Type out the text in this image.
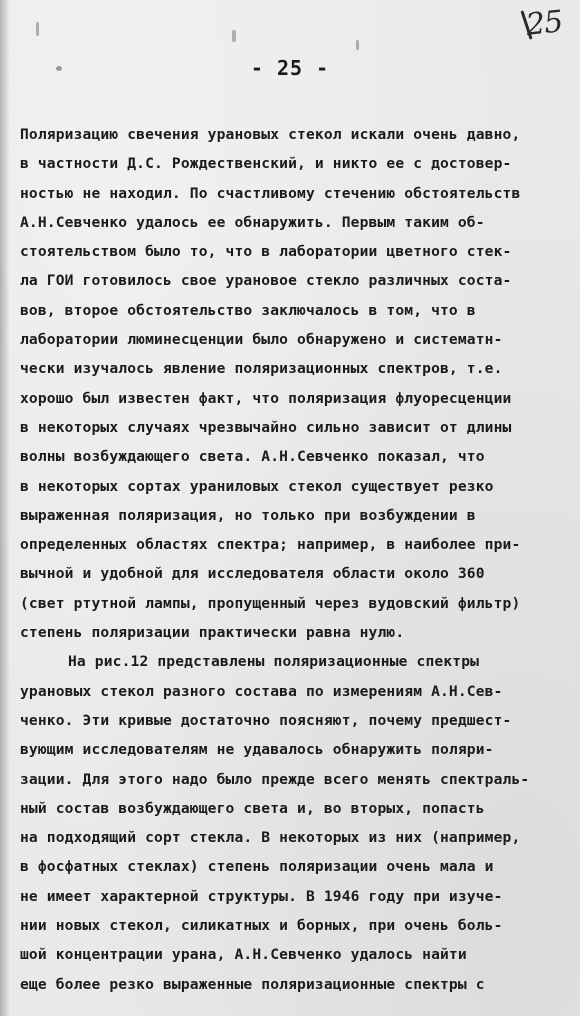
25
- 25 -
Поляризацию свечения урановых стекол искали очень давно,
в частности Д.С. Рождественский, и никто ее с достовер-
ностью не находил. По счастливому стечению обстоятельств
А.Н.Севченко удалось ее обнаружить. Первым таким об-
стоятельством было то, что в лаборатории цветного стек-
ла ГОИ готовилось свое урановое стекло различных соста-
вов, второе обстоятельство заключалось в том, что в
лаборатории люминесценции было обнаружено и систематн-
чески изучалось явление поляризационных спектров, т.е.
хорошо был известен факт, что поляризация флуоресценции
в некоторых случаях чрезвычайно сильно зависит от длины
волны возбуждающего света. А.Н.Севченко показал, что
в некоторых сортах ураниловых стекол существует резко
выраженная поляризация, но только при возбуждении в
определенных областях спектра; например, в наиболее при-
вычной и удобной для исследователя области около 360
(свет ртутной лампы, пропущенный через вудовский фильтр)
степень поляризации практически равна нулю.
На рис.12 представлены поляризационные спектры
урановых стекол разного состава по измерениям А.Н.Сев-
ченко. Эти кривые достаточно поясняют, почему предшест-
вующим исследователям не удавалось обнаружить поляри-
зации. Для этого надо было прежде всего менять спектраль-
ный состав возбуждающего света и, во вторых, попасть
на подходящий сорт стекла. В некоторых из них (например,
в фосфатных стеклах) степень поляризации очень мала и
не имеет характерной структуры. В 1946 году при изуче-
нии новых стекол, силикатных и борных, при очень боль-
шой концентрации урана, А.Н.Севченко удалось найти
еще более резко выраженные поляризационные спектры с
